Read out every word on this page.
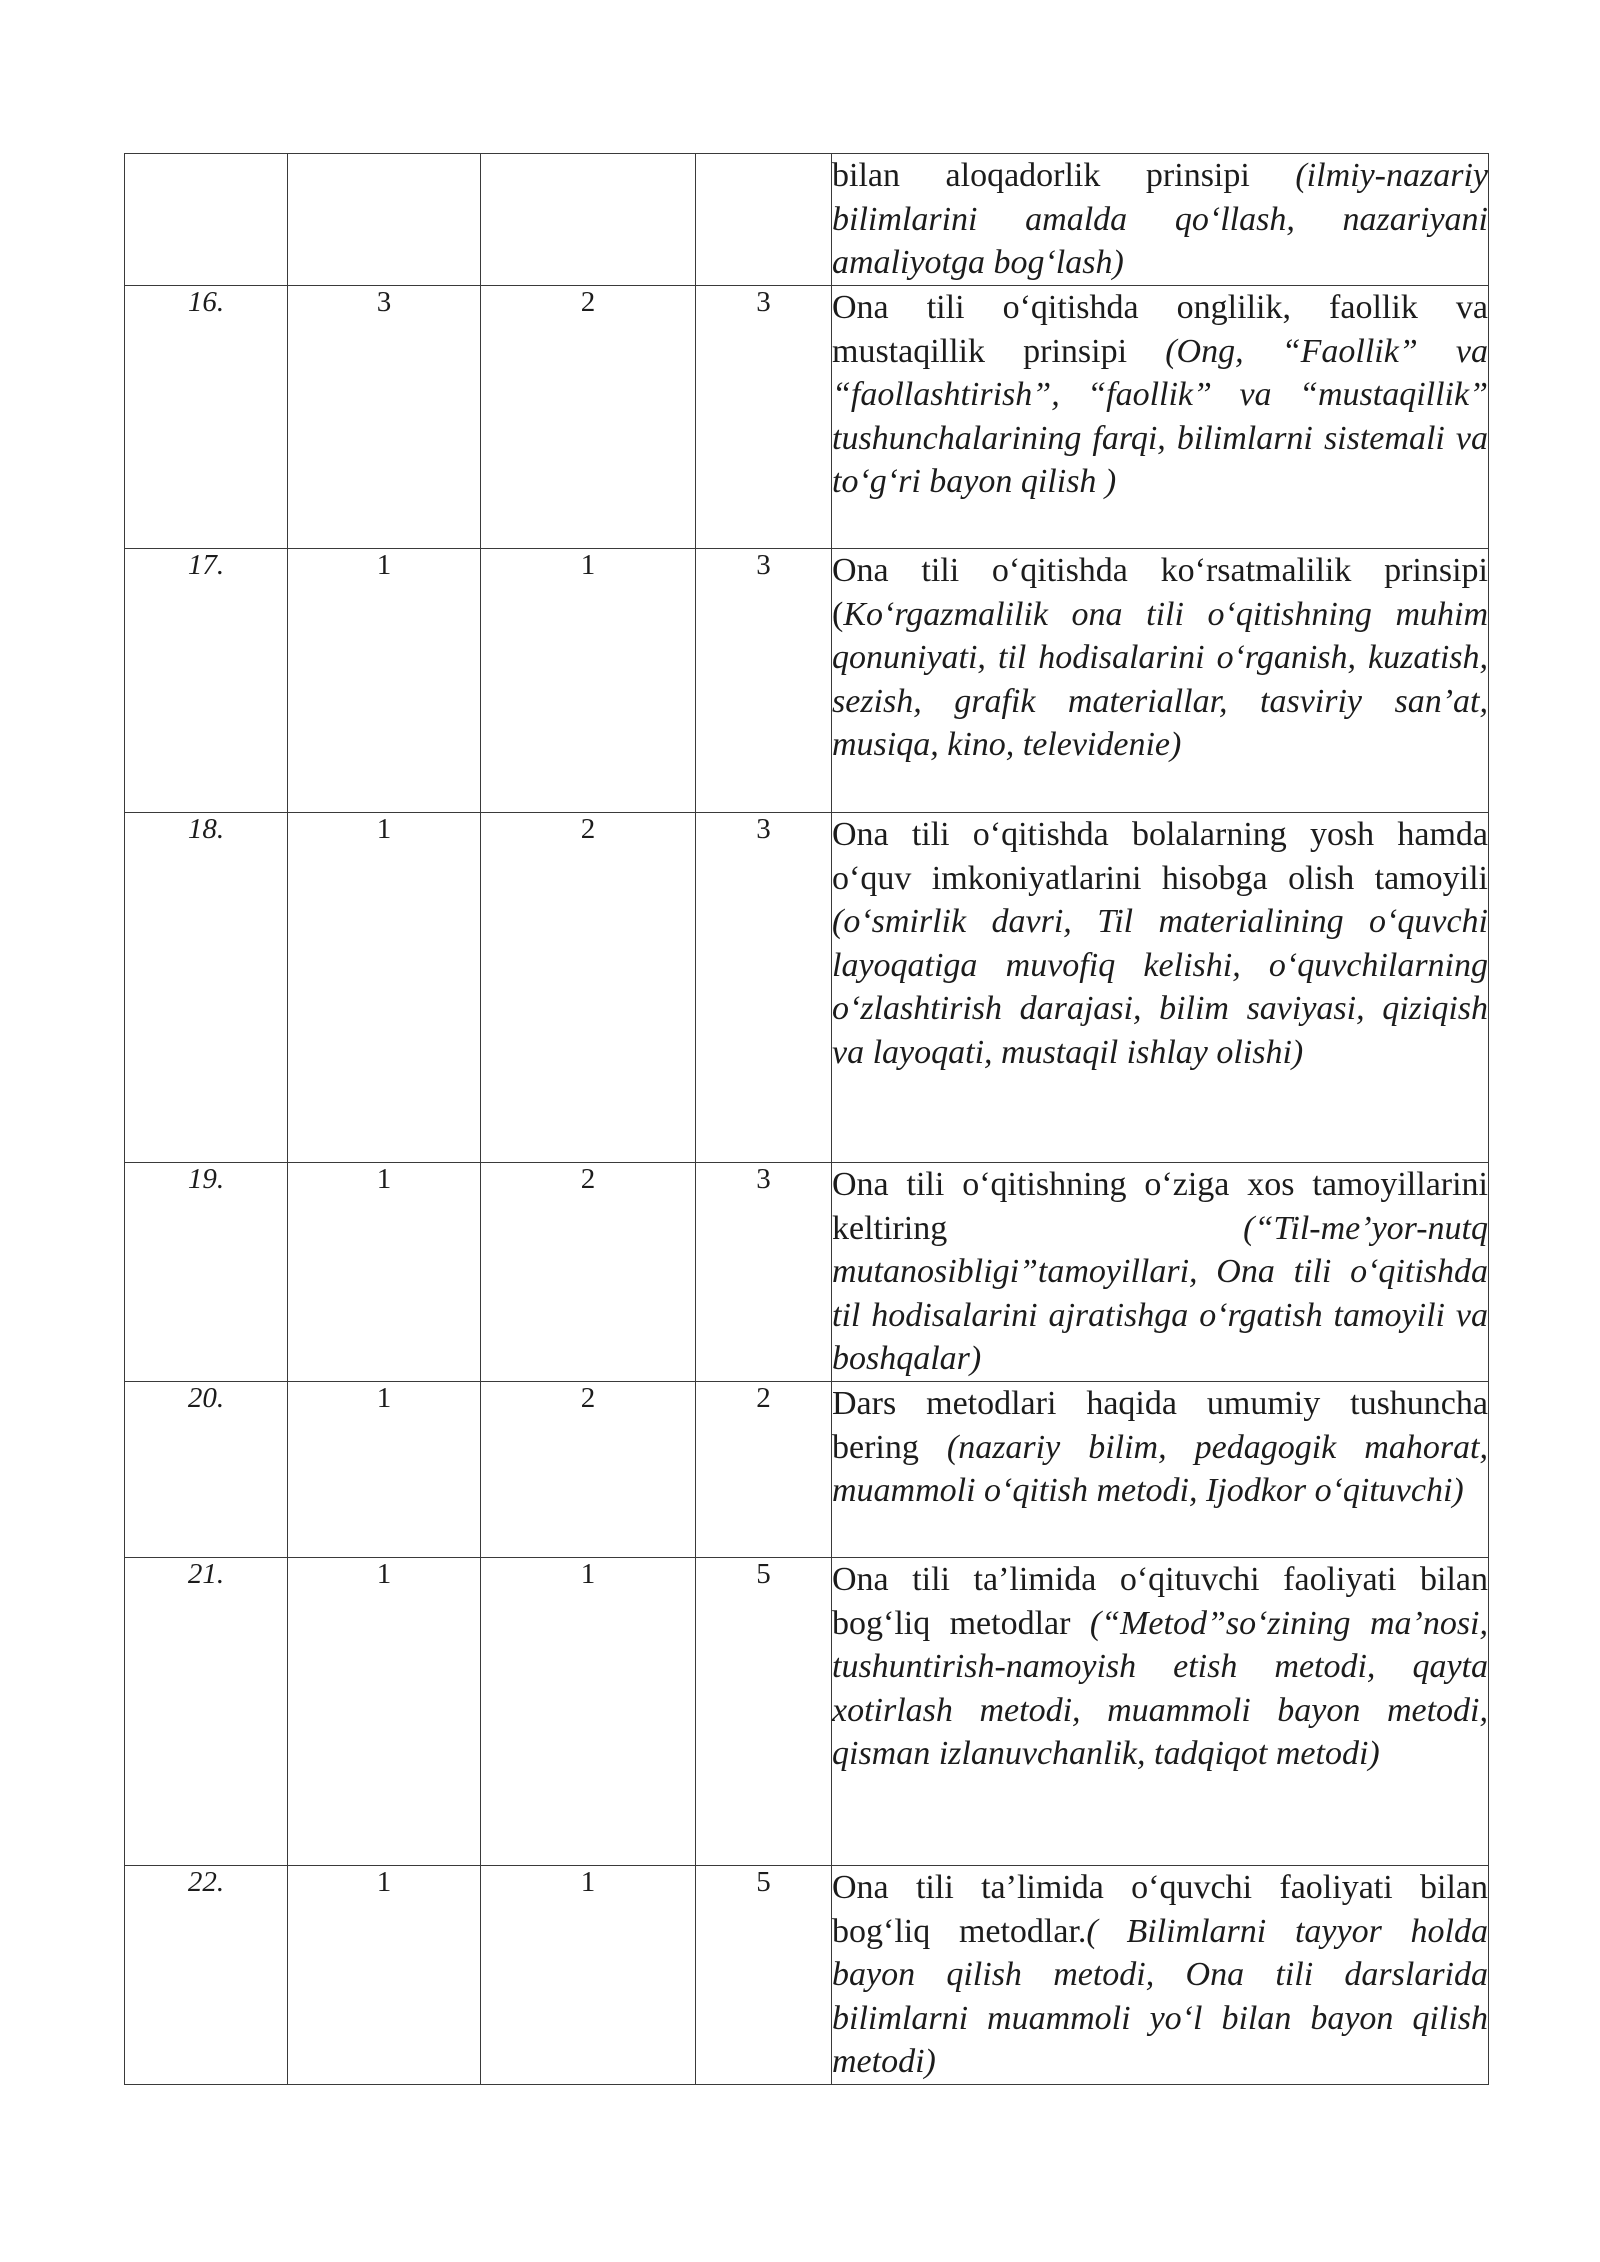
				bilan aloqadorlik prinsipi (ilmiy-nazariy bilimlarini amalda qo‘llash, nazariyani amaliyotga bog‘lash)
16.	3	2	3	Ona tili o‘qitishda onglilik, faollik va mustaqillik prinsipi (Ong, “Faollik” va “faollashtirish”, “faollik” va “mustaqillik” tushunchalarining farqi, bilimlarni sistemali va to‘g‘ri bayon qilish )
17.	1	1	3	Ona tili o‘qitishda ko‘rsatmalilik prinsipi (Ko‘rgazmalilik ona tili o‘qitishning muhim qonuniyati, til hodisalarini o‘rganish, kuzatish, sezish, grafik materiallar, tasviriy san’at, musiqa, kino, televidenie)
18.	1	2	3	Ona tili o‘qitishda bolalarning yosh hamda o‘quv imkoniyatlarini hisobga olish tamoyili (o‘smirlik davri, Til materialining o‘quvchi layoqatiga muvofiq kelishi, o‘quvchilarning o‘zlashtirish darajasi, bilim saviyasi, qiziqish va layoqati, mustaqil ishlay olishi)
19.	1	2	3	Ona tili o‘qitishning o‘ziga xos tamoyillarini keltiring (“Til-me’yor-nutq mutanosibligi”tamoyillari, Ona tili o‘qitishda til hodisalarini ajratishga o‘rgatish tamoyili va boshqalar)
20.	1	2	2	Dars metodlari haqida umumiy tushuncha bering (nazariy bilim, pedagogik mahorat, muammoli o‘qitish metodi, Ijodkor o‘qituvchi)
21.	1	1	5	Ona tili ta’limida o‘qituvchi faoliyati bilan bog‘liq metodlar (“Metod”so‘zining ma’nosi, tushuntirish-namoyish etish metodi, qayta xotirlash metodi, muammoli bayon metodi, qisman izlanuvchanlik, tadqiqot metodi)
22.	1	1	5	Ona tili ta’limida o‘quvchi faoliyati bilan bog‘liq metodlar.( Bilimlarni tayyor holda bayon qilish metodi, Ona tili darslarida bilimlarni muammoli yo‘l bilan bayon qilish metodi)
